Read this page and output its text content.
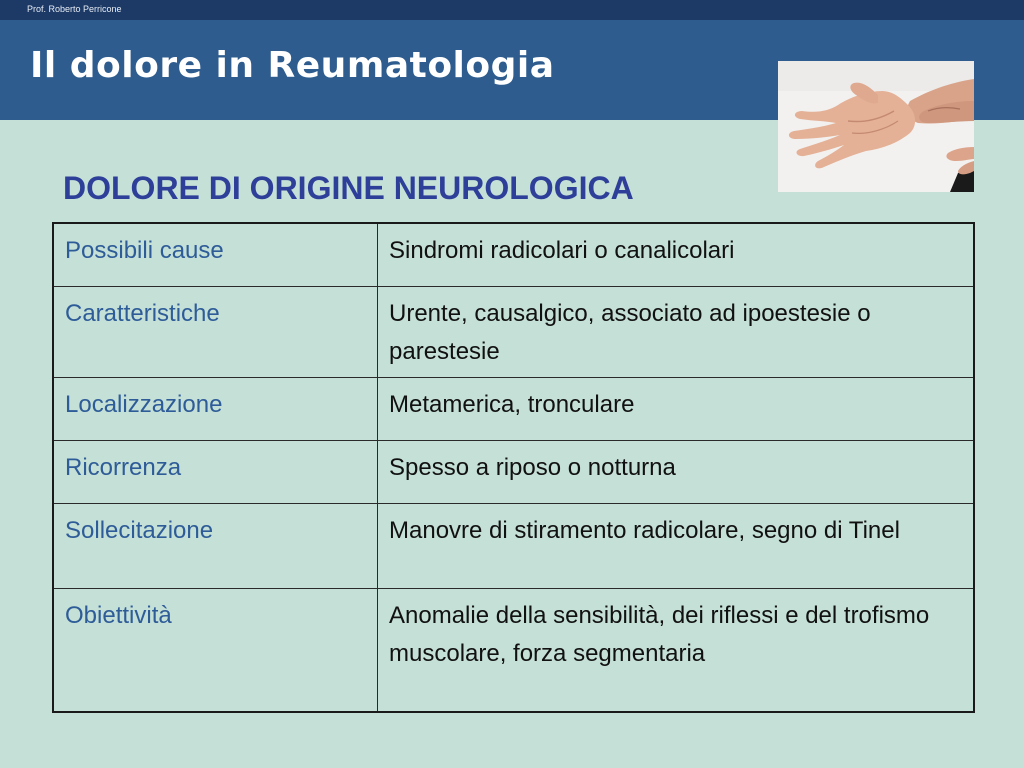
Prof. Roberto Perricone
Il dolore in Reumatologia
DOLORE DI ORIGINE NEUROLOGICA
Possibili cause	Sindromi radicolari o canalicolari
Caratteristiche	Urente, causalgico, associato ad ipoestesie o parestesie
Localizzazione	Metamerica, tronculare
Ricorrenza	Spesso a riposo o notturna
Sollecitazione	Manovre di stiramento radicolare, segno di Tinel
Obiettività	Anomalie della sensibilità, dei riflessi e del trofismo muscolare, forza segmentaria
